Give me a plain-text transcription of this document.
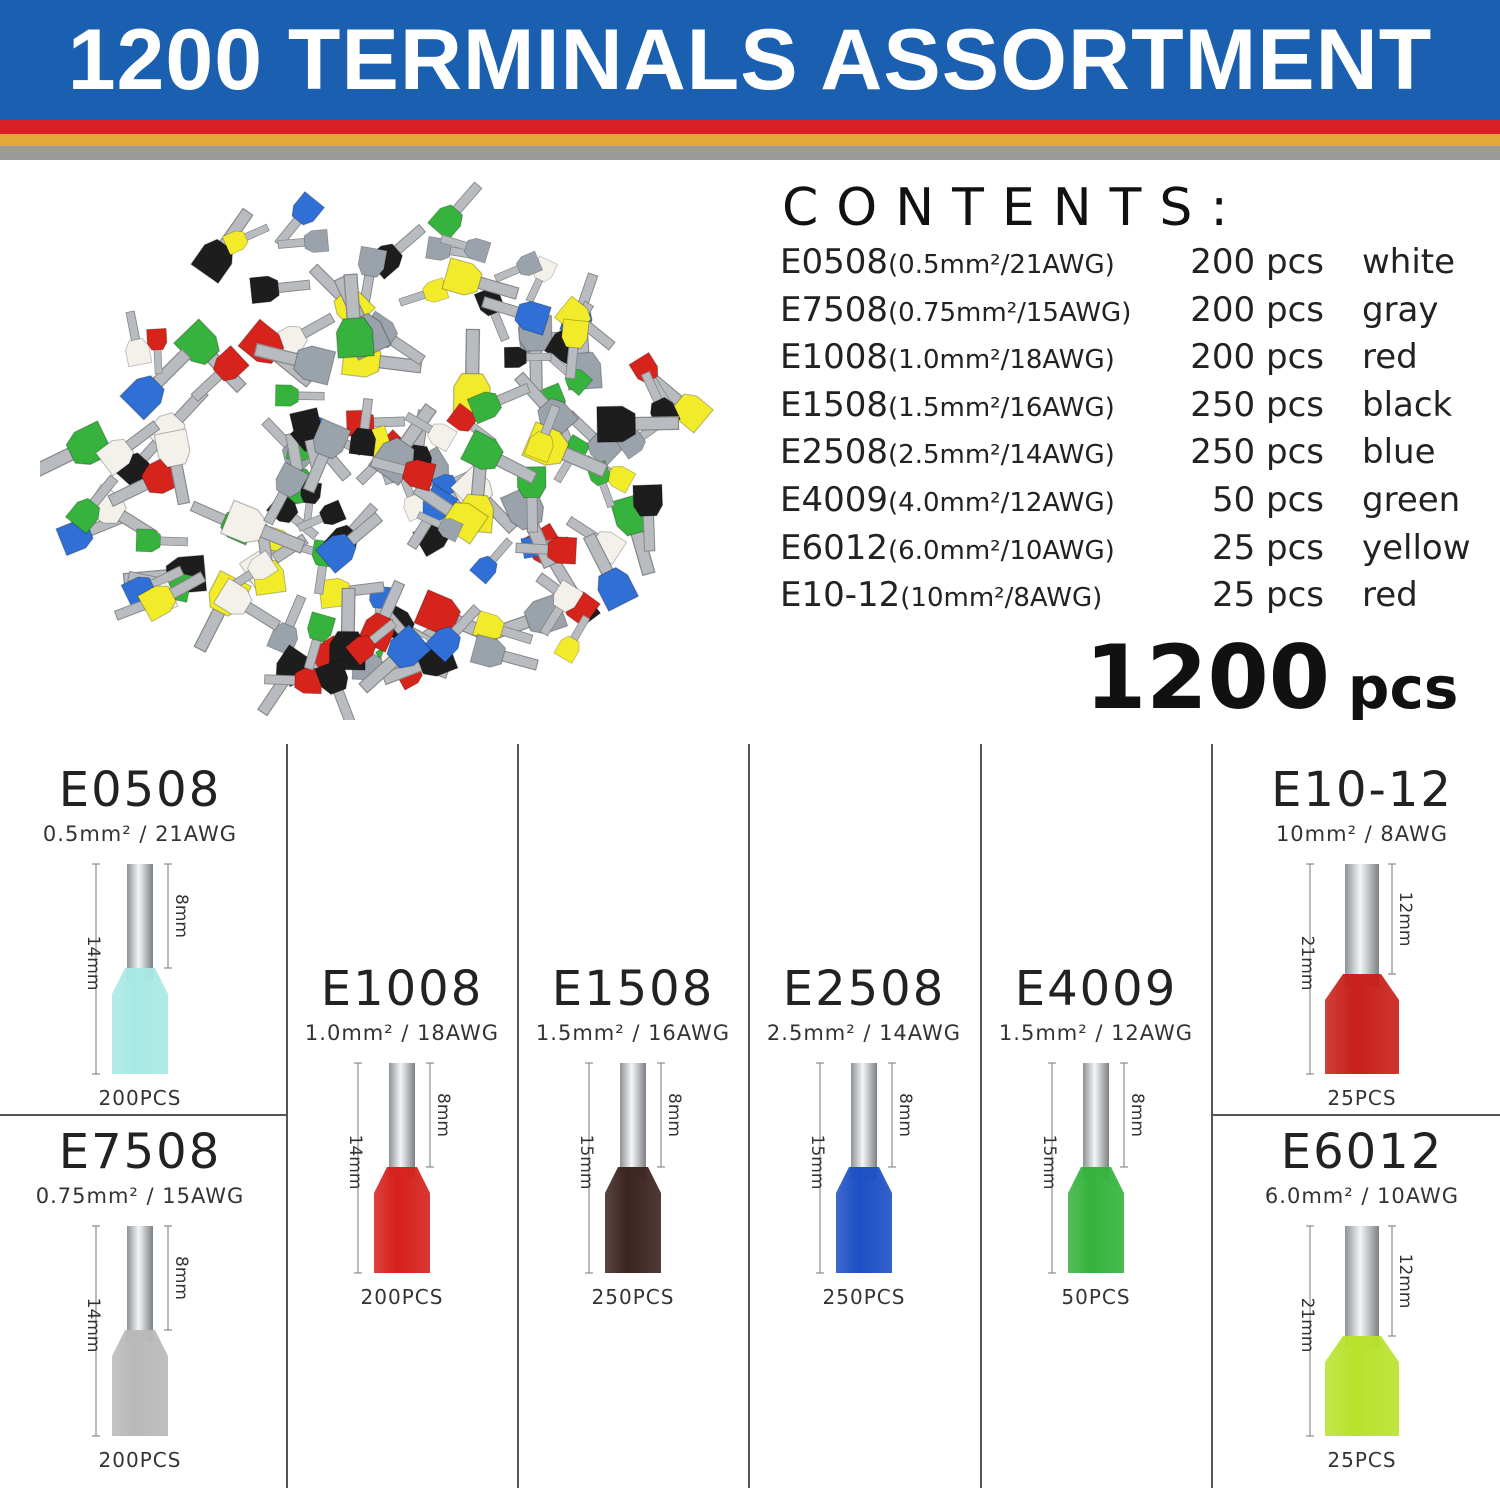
1200 TERMINALS ASSORTMENT
CONTENTS:
E0508(0.5mm²/21AWG) 200 pcs white
E7508(0.75mm²/15AWG) 200 pcs gray
E1008(1.0mm²/18AWG) 200 pcs red
E1508(1.5mm²/16AWG) 250 pcs black
E2508(2.5mm²/14AWG) 250 pcs blue
E4009(4.0mm²/12AWG)	50 pcs green
E6012(6.0mm²/10AWG)	25 pcs yellow
E10-12(10mm²/8AWG)	25 pcs red
1200 pcs
E0508
0.5mm² / 21AWG
200PCS
14mm
8mm
E7508
0.75mm² / 15AWG
200PCS
14mm
8mm
E1008
1.0mm² / 18AWG
200PCS
14mm
8mm
E1508
1.5mm² / 16AWG
250PCS
15mm
8mm
E2508
2.5mm² / 14AWG
250PCS
15mm
8mm
E4009
1.5mm² / 12AWG
50PCS
15mm
8mm
E10-12
10mm² / 8AWG
25PCS
21mm
12mm
E6012
6.0mm² / 10AWG
25PCS
21mm
12mm
